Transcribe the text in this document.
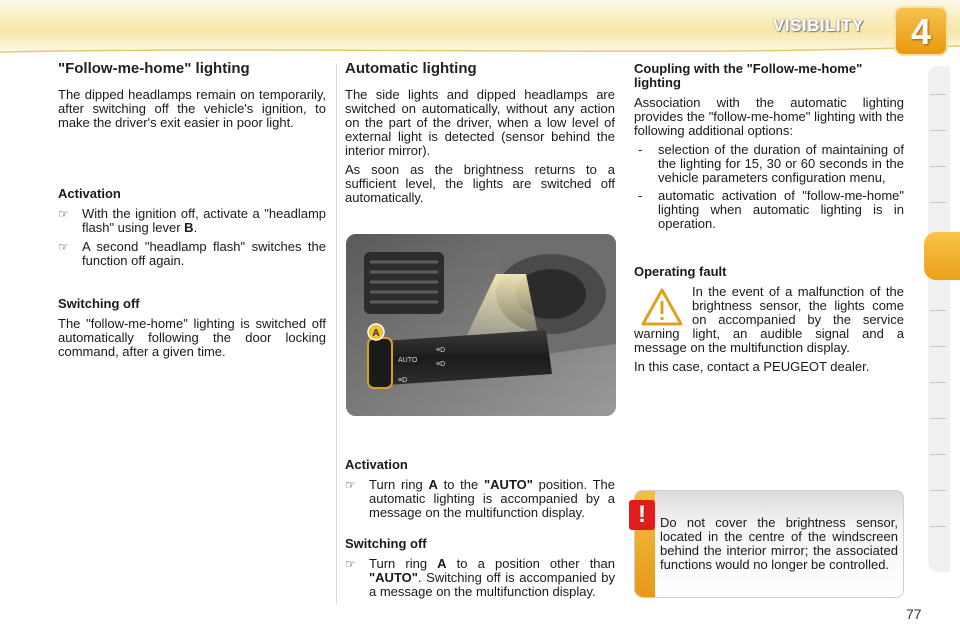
VISIBILITY	4
"Follow-me-home" lighting

The dipped headlamps remain on temporarily, after switching off the vehicle's ignition, to make the driver's exit easier in poor light.

Activation
☞	With the ignition off, activate a "headlamp flash" using lever B.
☞	A second "headlamp flash" switches the function off again.
Switching off

The "follow-me-home" lighting is switched off automatically following the door locking command, after a given time.

Automatic lighting

The side lights and dipped headlamps are switched on automatically, without any action on the part of the driver, when a low level of external light is detected (sensor behind the interior mirror).

As soon as the brightness returns to a sufficient level, the lights are switched off automatically.

Activation
☞	Turn ring A to the "AUTO" position. The automatic lighting is accompanied by a message on the multifunction display.
Switching off
☞	Turn ring A to a position other than "AUTO". Switching off is accompanied by a message on the multifunction display.
AUTO
≡D
≡D
≡D
A
Coupling with the "Follow-me-home" lighting

Association with the automatic lighting provides the "follow-me-home" lighting with the following additional options:

-	selection of the duration of maintaining of the lighting for 15, 30 or 60 seconds in the vehicle parameters configuration menu,
-	automatic activation of "follow-me-home" lighting when automatic lighting is in operation.
Operating fault

In the event of a malfunction of the brightness sensor, the lights come on accompanied by the service warning light, an audible signal and a message on the multifunction display.

In this case, contact a PEUGEOT dealer.

!	Do not cover the brightness sensor, located in the centre of the windscreen behind the interior mirror; the associated functions would no longer be controlled.
77
